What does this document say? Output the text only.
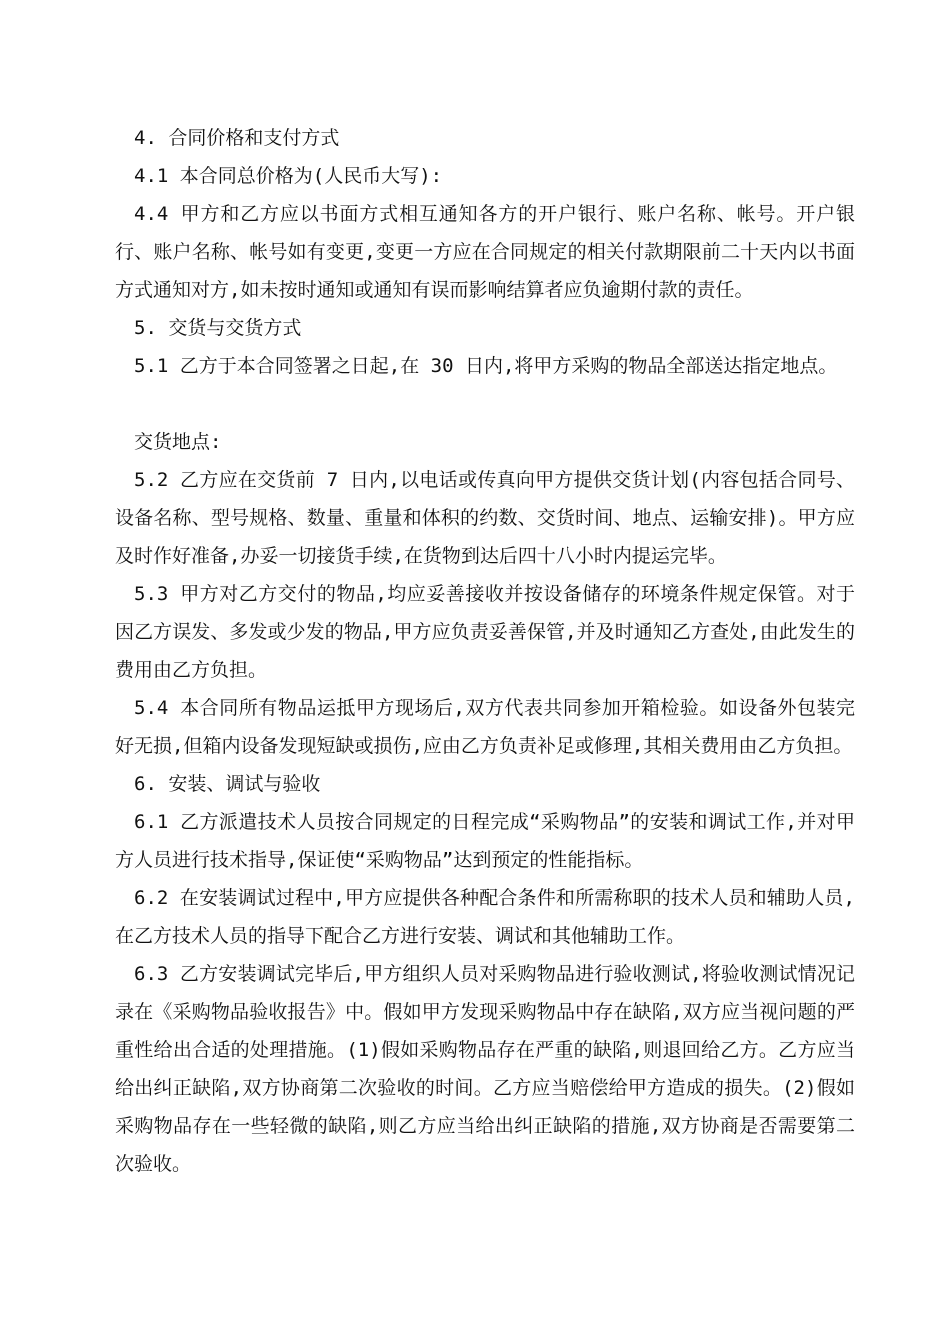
4. 合同价格和支付方式

4.1 本合同总价格为(人民币大写):

4.4 甲方和乙方应以书面方式相互通知各方的开户银行、账户名称、帐号。开户银行、账户名称、帐号如有变更,变更一方应在合同规定的相关付款期限前二十天内以书面方式通知对方,如未按时通知或通知有误而影响结算者应负逾期付款的责任。

5. 交货与交货方式

5.1 乙方于本合同签署之日起,在 30 日内,将甲方采购的物品全部送达指定地点。

交货地点:

5.2 乙方应在交货前 7 日内,以电话或传真向甲方提供交货计划(内容包括合同号、设备名称、型号规格、数量、重量和体积的约数、交货时间、地点、运输安排)。甲方应及时作好准备,办妥一切接货手续,在货物到达后四十八小时内提运完毕。

5.3 甲方对乙方交付的物品,均应妥善接收并按设备储存的环境条件规定保管。对于因乙方误发、多发或少发的物品,甲方应负责妥善保管,并及时通知乙方查处,由此发生的费用由乙方负担。

5.4 本合同所有物品运抵甲方现场后,双方代表共同参加开箱检验。如设备外包装完好无损,但箱内设备发现短缺或损伤,应由乙方负责补足或修理,其相关费用由乙方负担。

6. 安装、调试与验收

6.1 乙方派遣技术人员按合同规定的日程完成“采购物品”的安装和调试工作,并对甲方人员进行技术指导,保证使“采购物品”达到预定的性能指标。

6.2 在安装调试过程中,甲方应提供各种配合条件和所需称职的技术人员和辅助人员,在乙方技术人员的指导下配合乙方进行安装、调试和其他辅助工作。

6.3 乙方安装调试完毕后,甲方组织人员对采购物品进行验收测试,将验收测试情况记录在《采购物品验收报告》中。假如甲方发现采购物品中存在缺陷,双方应当视问题的严重性给出合适的处理措施。(1)假如采购物品存在严重的缺陷,则退回给乙方。乙方应当给出纠正缺陷,双方协商第二次验收的时间。乙方应当赔偿给甲方造成的损失。(2)假如采购物品存在一些轻微的缺陷,则乙方应当给出纠正缺陷的措施,双方协商是否需要第二次验收。
